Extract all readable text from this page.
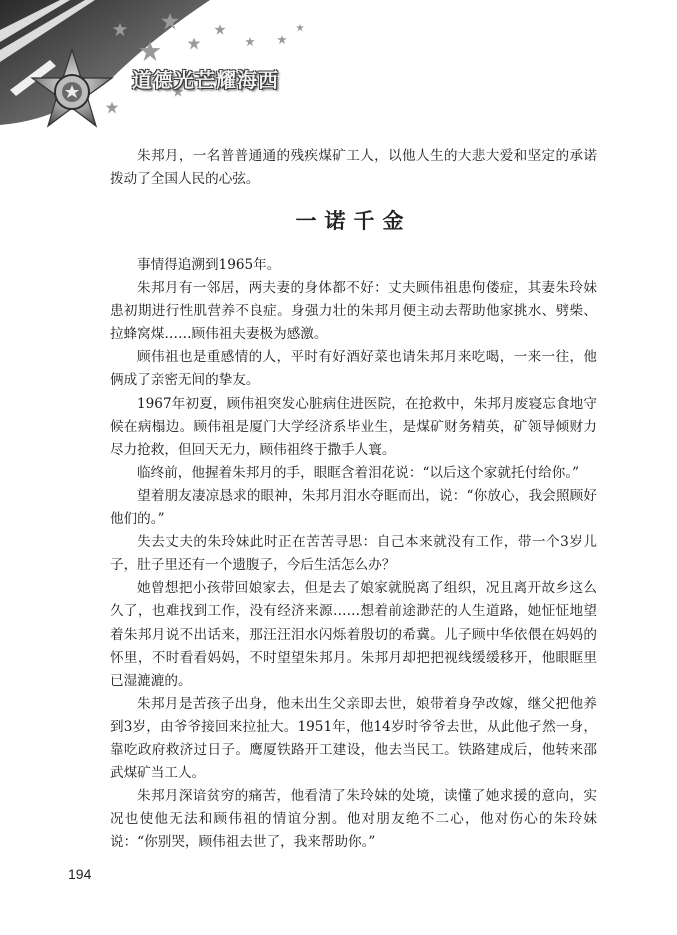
道德光芒耀海西

朱邦月，一名普普通通的残疾煤矿工人，以他人生的大悲大爱和坚定的承诺拨动了全国人民的心弦。

一诺千金

事情得追溯到1965年。

朱邦月有一邻居，两夫妻的身体都不好：丈夫顾伟祖患佝偻症，其妻朱玲妹患初期进行性肌营养不良症。身强力壮的朱邦月便主动去帮助他家挑水、劈柴、拉蜂窝煤……顾伟祖夫妻极为感激。

顾伟祖也是重感情的人，平时有好酒好菜也请朱邦月来吃喝，一来一往，他俩成了亲密无间的挚友。

1967年初夏，顾伟祖突发心脏病住进医院，在抢救中，朱邦月废寝忘食地守候在病榻边。顾伟祖是厦门大学经济系毕业生，是煤矿财务精英，矿领导倾财力尽力抢救，但回天无力，顾伟祖终于撒手人寰。

临终前，他握着朱邦月的手，眼眶含着泪花说：“以后这个家就托付给你。”

望着朋友凄凉恳求的眼神，朱邦月泪水夺眶而出，说：“你放心，我会照顾好他们的。”

失去丈夫的朱玲妹此时正在苦苦寻思：自己本来就没有工作，带一个3岁儿子，肚子里还有一个遗腹子，今后生活怎么办？

她曾想把小孩带回娘家去，但是去了娘家就脱离了组织，况且离开故乡这么久了，也难找到工作，没有经济来源……想着前途渺茫的人生道路，她怔怔地望着朱邦月说不出话来，那汪汪泪水闪烁着殷切的希冀。儿子顾中华依偎在妈妈的怀里，不时看看妈妈，不时望望朱邦月。朱邦月却把把视线缓缓移开，他眼眶里已湿漉漉的。

朱邦月是苦孩子出身，他未出生父亲即去世，娘带着身孕改嫁，继父把他养到3岁，由爷爷接回来拉扯大。1951年，他14岁时爷爷去世，从此他孑然一身，靠吃政府救济过日子。鹰厦铁路开工建设，他去当民工。铁路建成后，他转来邵武煤矿当工人。

朱邦月深谙贫穷的痛苦，他看清了朱玲妹的处境，读懂了她求援的意向，实况也使他无法和顾伟祖的情谊分割。他对朋友绝不二心，他对伤心的朱玲妹说：“你别哭，顾伟祖去世了，我来帮助你。”

194
